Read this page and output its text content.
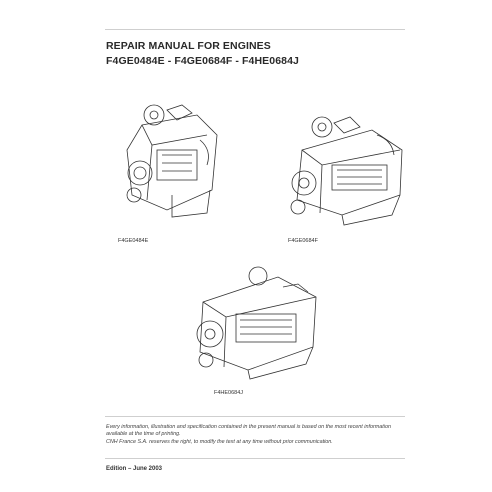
REPAIR MANUAL FOR ENGINES
F4GE0484E - F4GE0684F - F4HE0684J
F4GE0484E	F4GE0684F
F4HE0684J

Every information, illustration and specification contained in the present manual is based on the most recent information available at the time of printing.

CNH France S.A. reserves the right, to modify the text at any time without prior communication.

Edition – June 2003
